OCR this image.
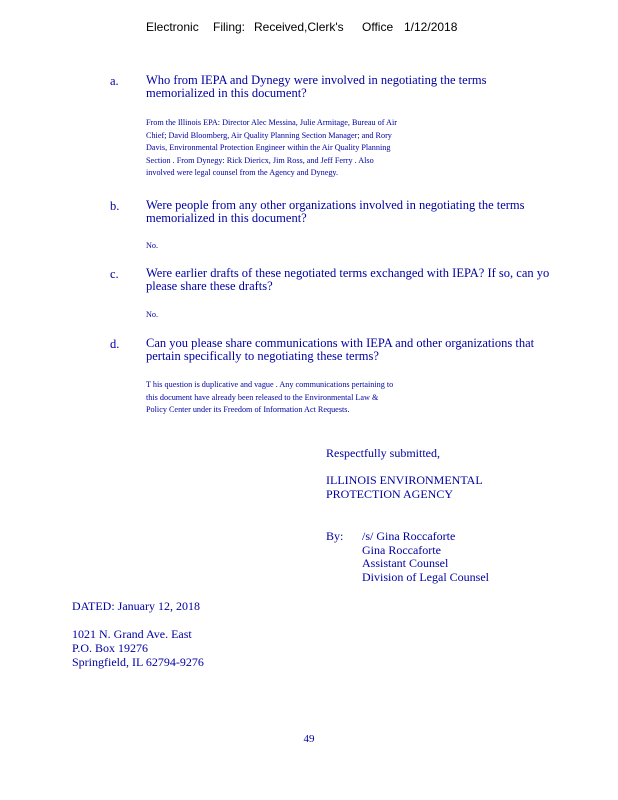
Electronic Filing: Received,Clerk's Office 1/12/2018
a. Who from IEPA and Dynegy were involved in negotiating the terms
memorialized in this document?
From the Illinois EPA: Director Alec Messina, Julie Armitage, Bureau of Air
Chief; David Bloomberg, Air Quality Planning Section Manager; and Rory
Davis, Environmental Protection Engineer within the Air Quality Planning
Section . From Dynegy: Rick Diericx, Jim Ross, and Jeff Ferry . Also
involved were legal counsel from the Agency and Dynegy.
b. Were people from any other organizations involved in negotiating the terms
memorialized in this document?
No.
c. Were earlier drafts of these negotiated terms exchanged with IEPA? If so, can yo
please share these drafts?
No.
d. Can you please share communications with IEPA and other organizations that
pertain specifically to negotiating these terms?
T his question is duplicative and vague . Any communications pertaining to
this document have already been released to the Environmental Law &
Policy Center under its Freedom of Information Act Requests.
Respectfully submitted,
ILLINOIS ENVIRONMENTAL
PROTECTION AGENCY
By: /s/ Gina Roccaforte
Gina Roccaforte
Assistant Counsel
Division of Legal Counsel
DATED: January 12, 2018
1021 N. Grand Ave. East
P.O. Box 19276
Springfield, IL 62794-9276
49
